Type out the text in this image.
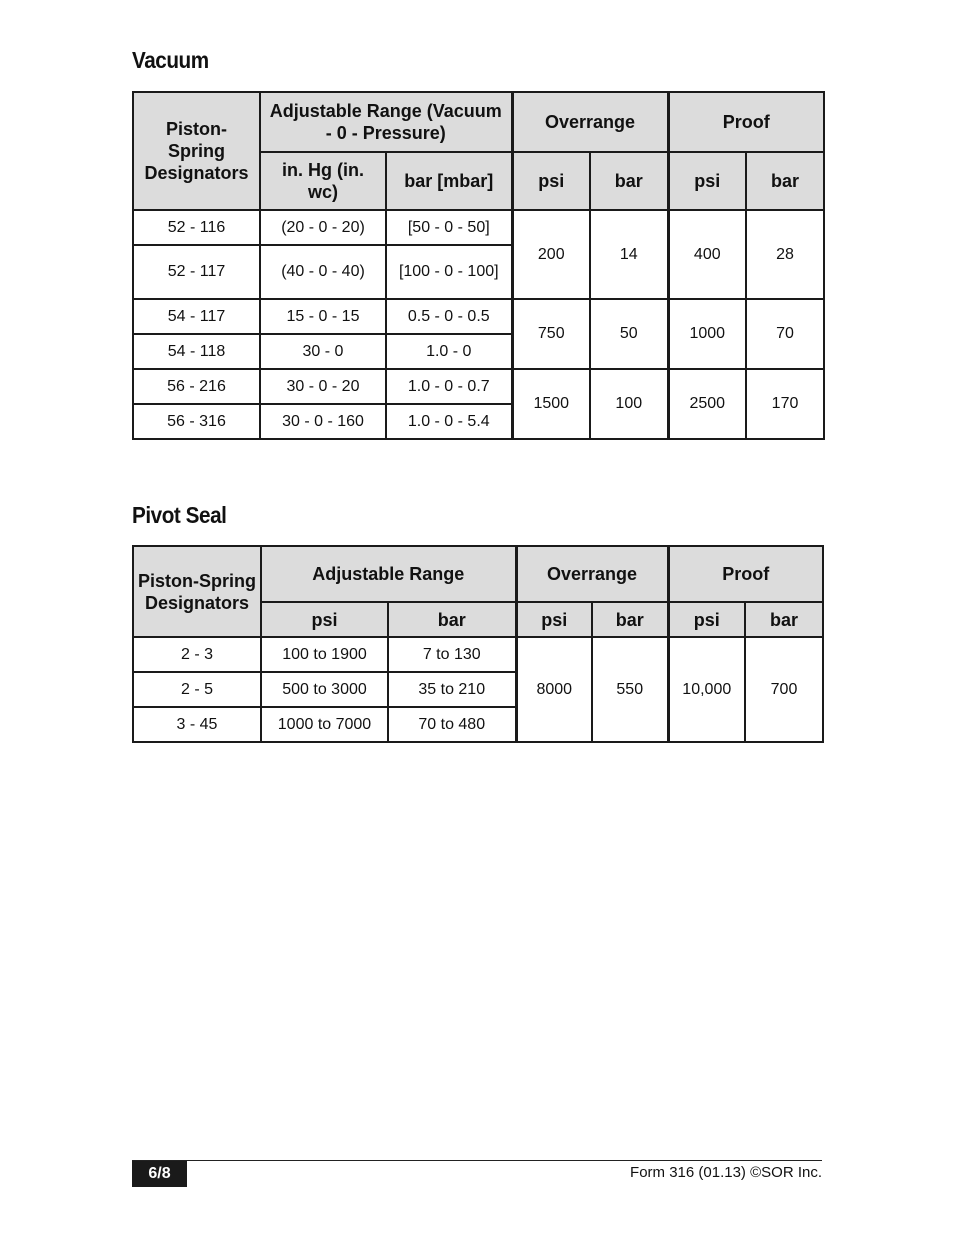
Vacuum
Piston-Spring Designators	Adjustable Range (Vacuum - 0 - Pressure)		Overrange		Proof	
	in. Hg (in. wc)	bar [mbar]	psi	bar	psi	bar
52 - 116	(20 - 0 - 20)	[50 - 0 - 50]	200	14	400	28
52 - 117	(40 - 0 - 40)	[100 - 0 - 100]				
54 - 117	15 - 0 - 15	0.5 - 0 - 0.5	750	50	1000	70
54 - 118	30 - 0	1.0 - 0				
56 - 216	30 - 0 - 20	1.0 - 0 - 0.7	1500	100	2500	170
56 - 316	30 - 0 - 160	1.0 - 0 - 5.4				
Pivot Seal
Piston-Spring Designators	Adjustable Range		Overrange		Proof	
	psi	bar	psi	bar	psi	bar
2 - 3	100 to 1900	7 to 130	8000	550	10,000	700
2 - 5	500 to 3000	35 to 210				
3 - 45	1000 to 7000	70 to 480				
6/8	Form 316 (01.13) ©SOR Inc.
